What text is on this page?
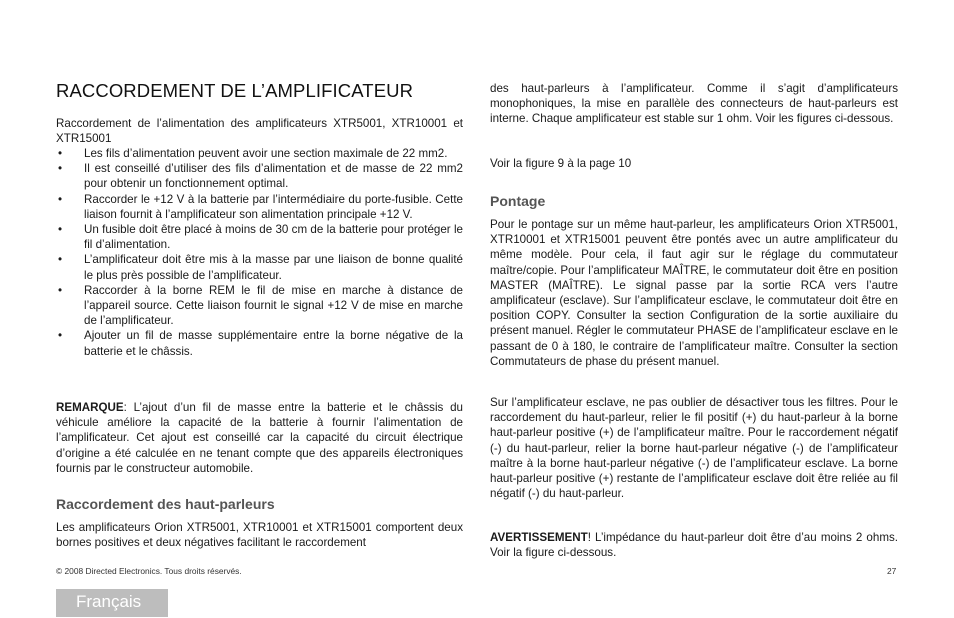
RACCORDEMENT DE L’AMPLIFICATEUR

Raccordement de l’alimentation des amplificateurs XTR5001, XTR10001 et XTR15001

• Les fils d’alimentation peuvent avoir une section maximale de 22 mm2.
• Il est conseillé d’utiliser des fils d’alimentation et de masse de 22 mm2 pour obtenir un fonctionnement optimal.
• Raccorder le +12 V à la batterie par l’intermédiaire du porte-fusible. Cette liaison fournit à l’amplificateur son alimentation principale +12 V.
• Un fusible doit être placé à moins de 30 cm de la batterie pour protéger le fil d’alimentation.
• L’amplificateur doit être mis à la masse par une liaison de bonne qualité le plus près possible de l’amplificateur.
• Raccorder à la borne REM le fil de mise en marche à distance de l’appareil source. Cette liaison fournit le signal +12 V de mise en marche de l’amplificateur.
• Ajouter un fil de masse supplémentaire entre la borne négative de la batterie et le châssis.

REMARQUE: L’ajout d’un fil de masse entre la batterie et le châssis du véhicule améliore la capacité de la batterie à fournir l’alimentation de l’amplificateur. Cet ajout est conseillé car la capacité du circuit électrique d’origine a été calculée en ne tenant compte que des appareils électroniques fournis par le constructeur automobile.

Raccordement des haut-parleurs

Les amplificateurs Orion XTR5001, XTR10001 et XTR15001 comportent deux bornes positives et deux négatives facilitant le raccordement

des haut-parleurs à l’amplificateur. Comme il s’agit d’amplificateurs monophoniques, la mise en parallèle des connecteurs de haut-parleurs est interne. Chaque amplificateur est stable sur 1 ohm. Voir les figures ci-dessous.

Voir la figure 9 à la page 10

Pontage

Pour le pontage sur un même haut-parleur, les amplificateurs Orion XTR5001, XTR10001 et XTR15001 peuvent être pontés avec un autre amplificateur du même modèle. Pour cela, il faut agir sur le réglage du commutateur maître/copie. Pour l’amplificateur MAÎTRE, le commutateur doit être en position MASTER (MAÎTRE). Le signal passe par la sortie RCA vers l’autre amplificateur (esclave). Sur l’amplificateur esclave, le commutateur doit être en position COPY. Consulter la section Configuration de la sortie auxiliaire du présent manuel. Régler le commutateur PHASE de l’amplificateur esclave en le passant de 0 à 180, le contraire de l’amplificateur maître. Consulter la section Commutateurs de phase du présent manuel.

Sur l’amplificateur esclave, ne pas oublier de désactiver tous les filtres. Pour le raccordement du haut-parleur, relier le fil positif (+) du haut-parleur à la borne haut-parleur positive (+) de l’amplificateur maître. Pour le raccordement négatif (-) du haut-parleur, relier la borne haut-parleur négative (-) de l’amplificateur maître à la borne haut-parleur négative (-) de l’amplificateur esclave. La borne haut-parleur positive (+) restante de l’amplificateur esclave doit être reliée au fil négatif (-) du haut-parleur.

AVERTISSEMENT! L’impédance du haut-parleur doit être d’au moins 2 ohms. Voir la figure ci-dessous.

© 2008 Directed Electronics. Tous droits réservés.	27
Français
